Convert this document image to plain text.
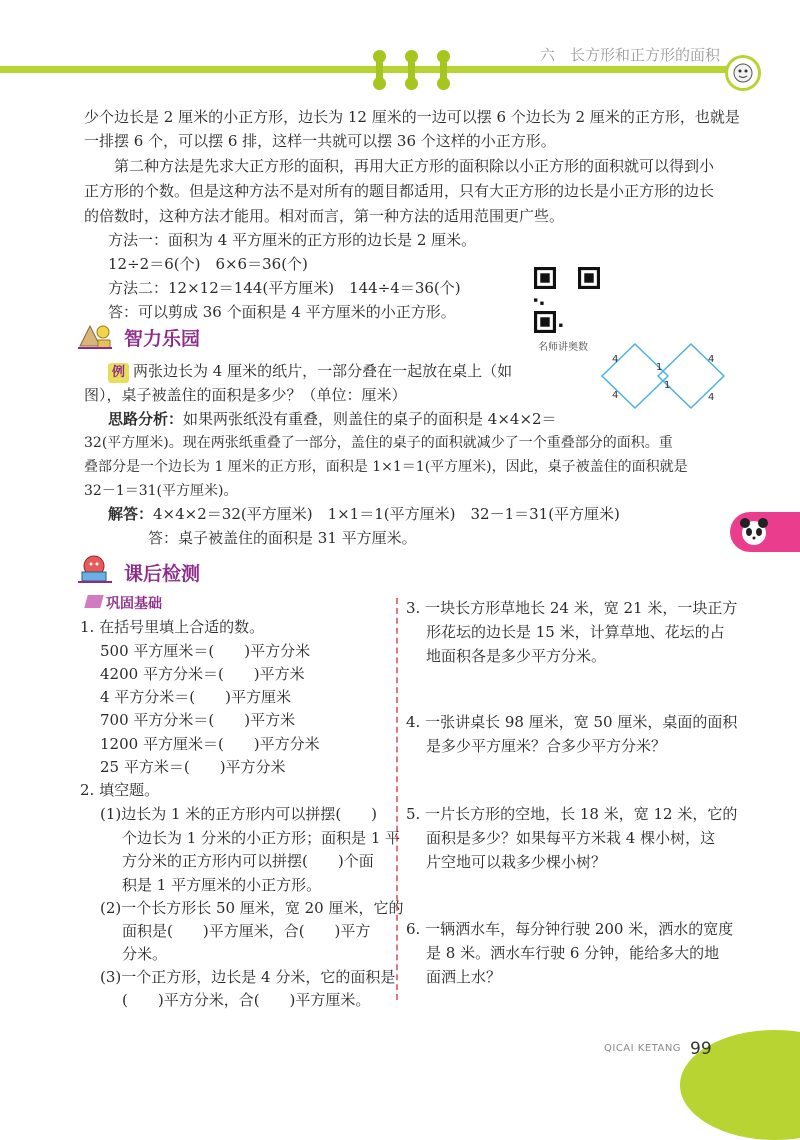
六　长方形和正方形的面积
少个边长是 2 厘米的小正方形，边长为 12 厘米的一边可以摆 6 个边长为 2 厘米的正方形，也就是
一排摆 6 个，可以摆 6 排，这样一共就可以摆 36 个这样的小正方形。
　　第二种方法是先求大正方形的面积，再用大正方形的面积除以小正方形的面积就可以得到小
正方形的个数。但是这种方法不是对所有的题目都适用，只有大正方形的边长是小正方形的边长
的倍数时，这种方法才能用。相对而言，第一种方法的适用范围更广些。
方法一：面积为 4 平方厘米的正方形的边长是 2 厘米。
12÷2＝6(个)　6×6＝36(个)
方法二：12×12＝144(平方厘米)　144÷4＝36(个)
答：可以剪成 36 个面积是 4 平方厘米的小正方形。
名师讲奥数
智力乐园
例 两张边长为 4 厘米的纸片，一部分叠在一起放在桌上（如
图），桌子被盖住的面积是多少？（单位：厘米）
4
4
1
1
4
4
思路分析：如果两张纸没有重叠，则盖住的桌子的面积是 4×4×2＝
32(平方厘米)。现在两张纸重叠了一部分，盖住的桌子的面积就减少了一个重叠部分的面积。重
叠部分是一个边长为 1 厘米的正方形，面积是 1×1＝1(平方厘米)，因此，桌子被盖住的面积就是
32－1＝31(平方厘米)。
解答：4×4×2＝32(平方厘米)　1×1＝1(平方厘米)　32－1＝31(平方厘米)
答：桌子被盖住的面积是 31 平方厘米。
课后检测
巩固基础
1. 在括号里填上合适的数。
500 平方厘米＝(　　)平方分米
4200 平方分米＝(　　)平方米
4 平方分米＝(　　)平方厘米
700 平方分米＝(　　)平方米
1200 平方厘米＝(　　)平方分米
25 平方米＝(　　)平方分米
2. 填空题。
(1)边长为 1 米的正方形内可以拼摆(　　)
个边长为 1 分米的小正方形；面积是 1 平
方分米的正方形内可以拼摆(　　)个面
积是 1 平方厘米的小正方形。
(2)一个长方形长 50 厘米，宽 20 厘米，它的
面积是(　　)平方厘米，合(　　)平方
分米。
(3)一个正方形，边长是 4 分米，它的面积是
(　　)平方分米，合(　　)平方厘米。
3. 一块长方形草地长 24 米，宽 21 米，一块正方
形花坛的边长是 15 米，计算草地、花坛的占
地面积各是多少平方分米。
4. 一张讲桌长 98 厘米，宽 50 厘米，桌面的面积
是多少平方厘米？合多少平方分米？
5. 一片长方形的空地，长 18 米，宽 12 米，它的
面积是多少？如果每平方米栽 4 棵小树，这
片空地可以栽多少棵小树？
6. 一辆洒水车，每分钟行驶 200 米，洒水的宽度
是 8 米。洒水车行驶 6 分钟，能给多大的地
面洒上水？
QICAI KETANG 99
